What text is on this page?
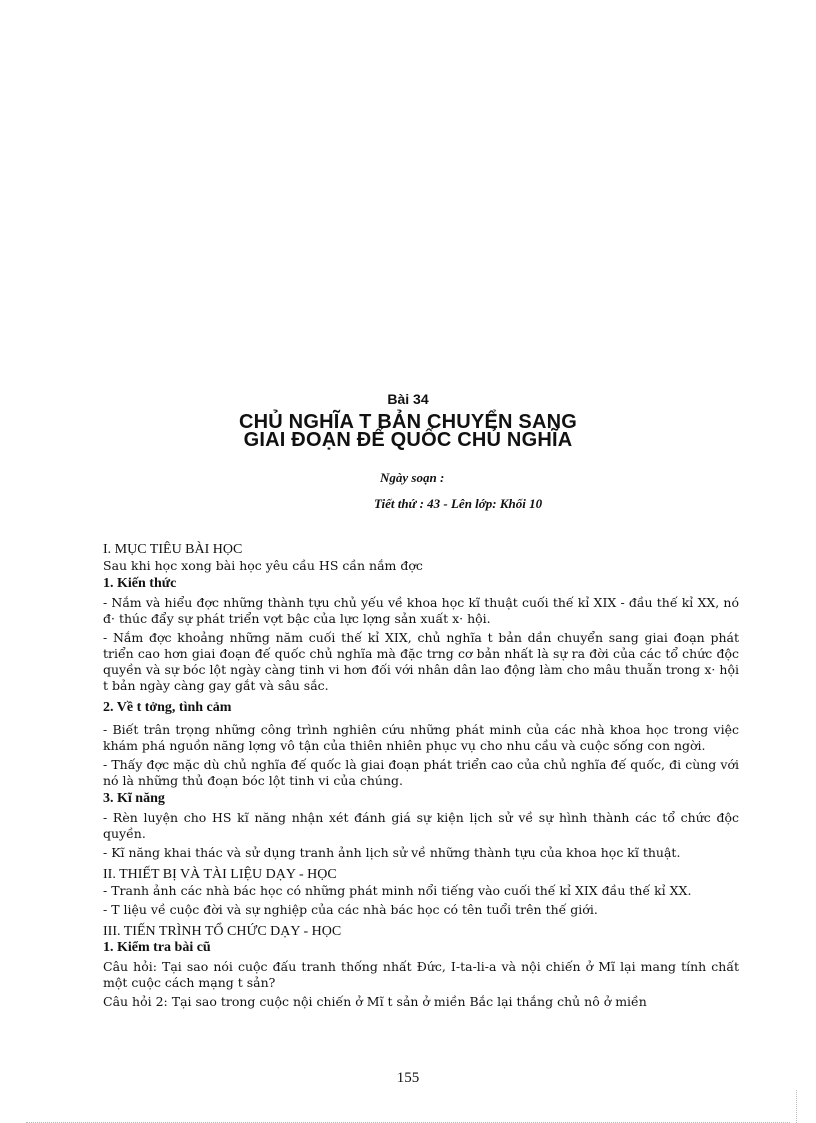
Bài 34
CHỦ NGHĨA T BẢN CHUYỂN SANG
GIAI ĐOẠN ĐẾ QUỐC CHỦ NGHĨA
Ngày soạn :
Tiết thứ : 43 - Lên lớp: Khối 10

I. MỤC TIÊU BÀI HỌC

Sau khi học xong bài học yêu cầu HS cần nắm đợc

1. Kiến thức

- Nắm và hiểu đợc những thành tựu chủ yếu về khoa học kĩ thuật cuối thế kỉ XIX - đầu thế kỉ XX, nó đ· thúc đẩy sự phát triển vợt bậc của lực lợng sản xuất x· hội.

- Nắm đợc khoảng những năm cuối thế kỉ XIX, chủ nghĩa t bản dần chuyển sang giai đoạn phát triển cao hơn giai đoạn đế quốc chủ nghĩa mà đặc trng cơ bản nhất là sự ra đời của các tổ chức độc quyền và sự bóc lột ngày càng tinh vi hơn đối với nhân dân lao động làm cho mâu thuẫn trong x· hội t bản ngày càng gay gắt và sâu sắc.

2. Về t tởng, tình cảm

- Biết trân trọng những công trình nghiên cứu những phát minh của các nhà khoa học trong việc khám phá nguồn năng lợng vô tận của thiên nhiên phục vụ cho nhu cầu và cuộc sống con ngời.

- Thấy đợc mặc dù chủ nghĩa đế quốc là giai đoạn phát triển cao của chủ nghĩa đế quốc, đi cùng với nó là những thủ đoạn bóc lột tinh vi của chúng.

3. Kĩ năng

- Rèn luyện cho HS kĩ năng nhận xét đánh giá sự kiện lịch sử về sự hình thành các tổ chức độc quyền.

- Kĩ năng khai thác và sử dụng tranh ảnh lịch sử về những thành tựu của khoa học kĩ thuật.

II. THIẾT BỊ VÀ TÀI LIỆU DẠY - HỌC

- Tranh ảnh các nhà bác học có những phát minh nổi tiếng vào cuối thế kỉ XIX đầu thế kỉ XX.

- T liệu về cuộc đời và sự nghiệp của các nhà bác học có tên tuổi trên thế giới.

III. TIẾN TRÌNH TỔ CHỨC DẠY - HỌC

1. Kiểm tra bài cũ

Câu hỏi: Tại sao nói cuộc đấu tranh thống nhất Đức, I-ta-li-a và nội chiến ở Mĩ lại mang tính chất một cuộc cách mạng t sản?

Câu hỏi 2: Tại sao trong cuộc nội chiến ở Mĩ t sản ở miền Bắc lại thắng chủ nô ở miền

155
